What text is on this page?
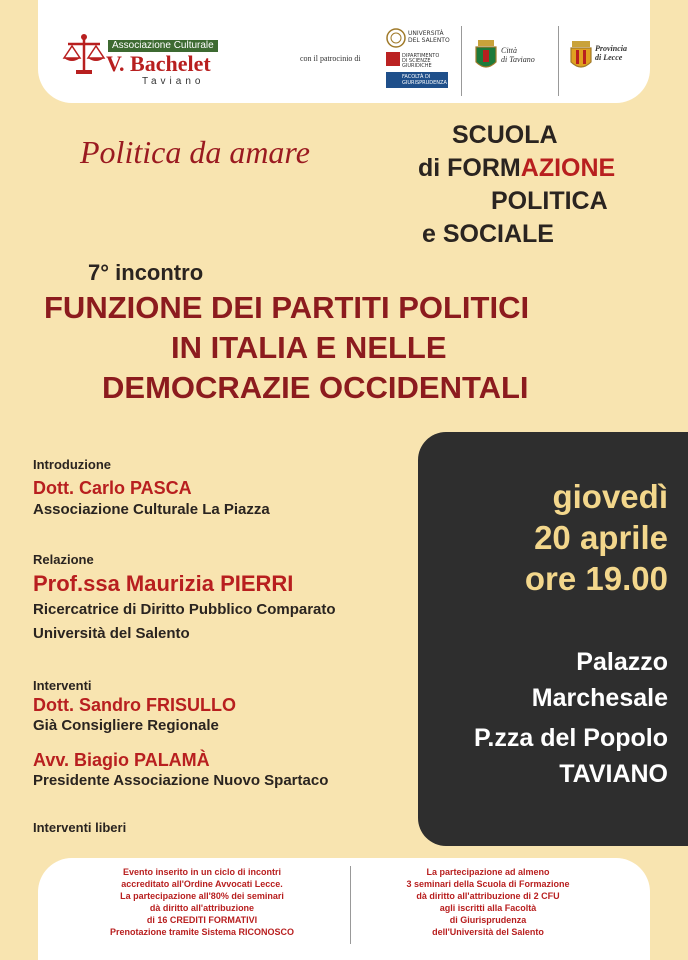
Associazione Culturale
V. Bachelet
Taviano
con il patrocinio di
UNIVERSITÀ
DEL SALENTO
DIPARTIMENTO
DI SCIENZE GIURIDICHE
FACOLTÀ DI
GIURISPRUDENZA
Città
di Taviano
Provincia
di Lecce
Politica da amare	SCUOLA
di FORMAZIONE
POLITICA
e SOCIALE
7° incontro
FUNZIONE DEI PARTITI POLITICI
IN ITALIA E NELLE
DEMOCRAZIE OCCIDENTALI
giovedì
20 aprile
ore 19.00
Palazzo
Marchesale
P.zza del Popolo
TAVIANO
Introduzione
Dott. Carlo PASCA
Associazione Culturale La Piazza
Relazione
Prof.ssa Maurizia PIERRI
Ricercatrice di Diritto Pubblico Comparato
Università del Salento
Interventi
Dott. Sandro FRISULLO
Già Consigliere Regionale
Avv. Biagio PALAMÀ
Presidente Associazione Nuovo Spartaco
Interventi liberi
Evento inserito in un ciclo di incontri
accreditato all'Ordine Avvocati Lecce.
La partecipazione all'80% dei seminari
dà diritto all'attribuzione
di 16 CREDITI FORMATIVI
Prenotazione tramite Sistema RICONOSCO
La partecipazione ad almeno
3 seminari della Scuola di Formazione
dà diritto all'attribuzione di 2 CFU
agli iscritti alla Facoltà
di Giurisprudenza
dell'Università del Salento
